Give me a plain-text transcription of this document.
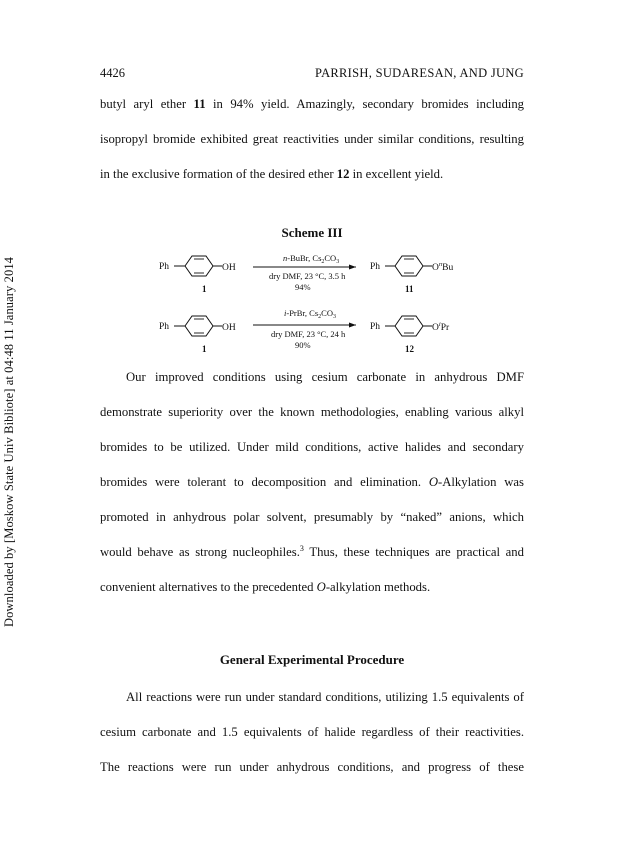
Downloaded by [Moskow State Univ Bibliote] at 04:48 11 January 2014
4426	PARRISH, SUDARESAN, AND JUNG
butyl aryl ether 11 in 94% yield. Amazingly, secondary bromides including
isopropyl bromide exhibited great reactivities under similar conditions, resulting
in the exclusive formation of the desired ether 12 in excellent yield.
Scheme III
Ph	OH
1
n-BuBr, $Cs_2CO_3$
dry DMF, 23 °C, 3.5 h
94%
Ph	$O^nBu$
11
Ph	OH
1
i-PrBr, $Cs_2CO_3$
dry DMF, 23 °C, 24 h
90%
Ph	$O^iPr$
12
Our improved conditions using cesium carbonate in anhydrous DMF
demonstrate superiority over the known methodologies, enabling various alkyl
bromides to be utilized. Under mild conditions, active halides and secondary
bromides were tolerant to decomposition and elimination. O-Alkylation was
promoted in anhydrous polar solvent, presumably by “naked” anions, which
would behave as strong nucleophiles.$^3$ Thus, these techniques are practical and
convenient alternatives to the precedented O-alkylation methods.
General Experimental Procedure
All reactions were run under standard conditions, utilizing 1.5 equivalents of
cesium carbonate and 1.5 equivalents of halide regardless of their reactivities.
The reactions were run under anhydrous conditions, and progress of these
